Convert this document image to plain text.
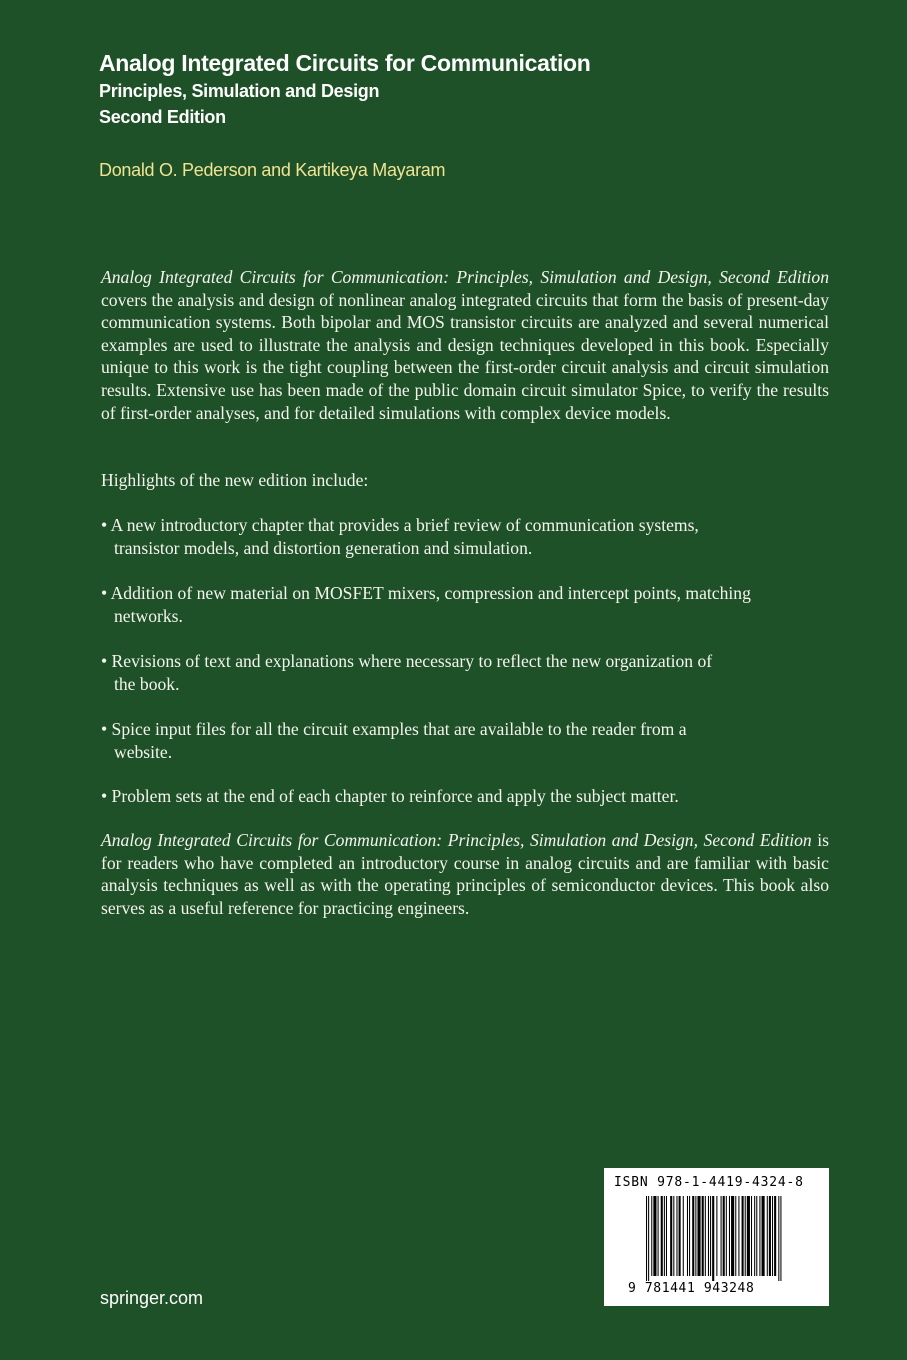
Analog Integrated Circuits for Communication
Principles, Simulation and Design
Second Edition
Donald O. Pederson and Kartikeya Mayaram
Analog Integrated Circuits for Communication: Principles, Simulation and Design, Second Edition covers the analysis and design of nonlinear analog integrated circuits that form the basis of present-day communication systems. Both bipolar and MOS transistor circuits are analyzed and several numerical examples are used to illustrate the analysis and design techniques developed in this book. Especially unique to this work is the tight coupling between the first-order circuit analysis and circuit simulation results. Extensive use has been made of the public domain circuit simulator Spice, to verify the results of first-order analyses, and for detailed simulations with complex device models.
Highlights of the new edition include:
• A new introductory chapter that provides a brief review of communication systems,
transistor models, and distortion generation and simulation.
• Addition of new material on MOSFET mixers, compression and intercept points, matching
networks.
• Revisions of text and explanations where necessary to reflect the new organization of
the book.
• Spice input files for all the circuit examples that are available to the reader from a
website.
• Problem sets at the end of each chapter to reinforce and apply the subject matter.
Analog Integrated Circuits for Communication: Principles, Simulation and Design, Second Edition is for readers who have completed an introductory course in analog circuits and are familiar with basic analysis techniques as well as with the operating principles of semiconductor devices. This book also serves as a useful reference for practicing engineers.
springer.com
ISBN 978-1-4419-4324-8
9 781441 943248
